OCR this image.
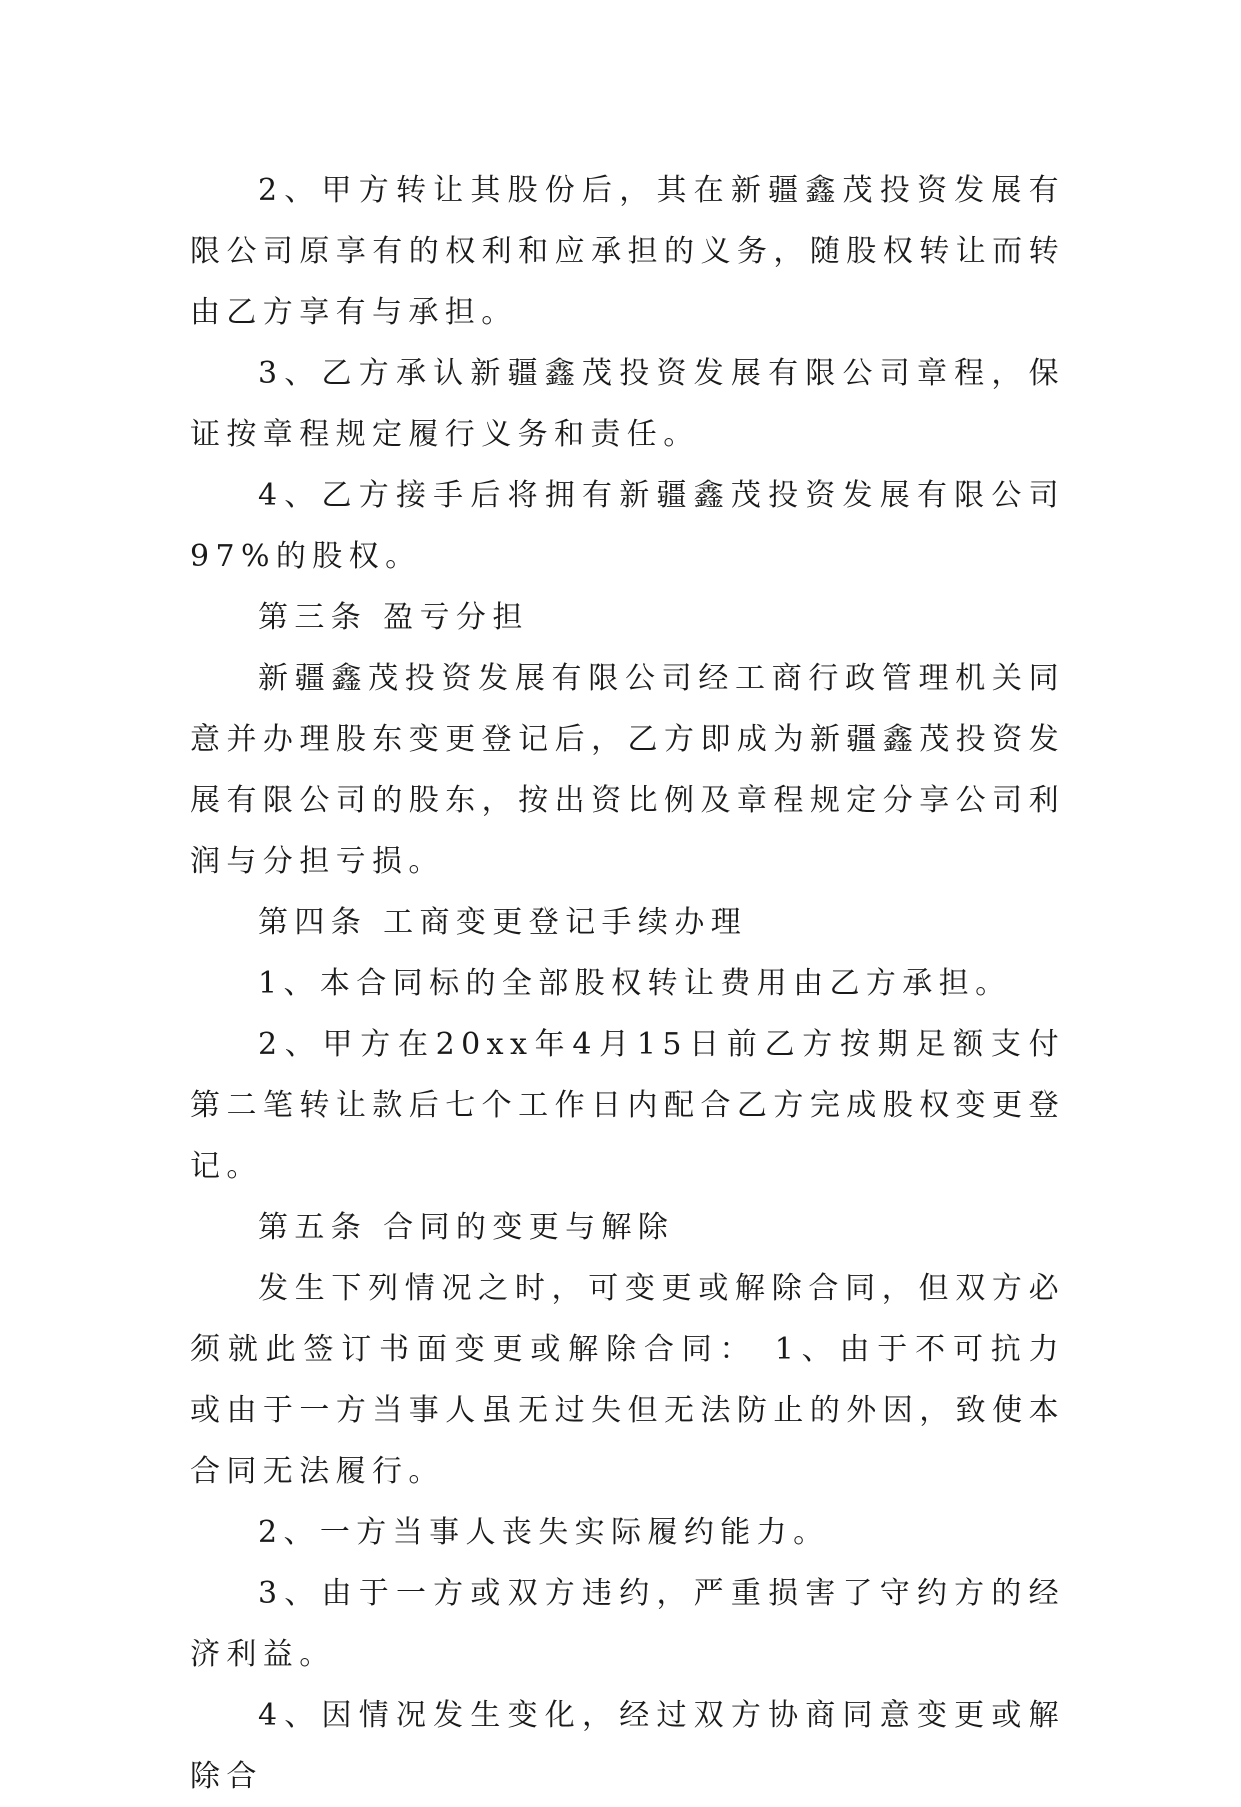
2、甲方转让其股份后，其在新疆鑫茂投资发展有限公司原享有的权利和应承担的义务，随股权转让而转由乙方享有与承担。

3、乙方承认新疆鑫茂投资发展有限公司章程，保证按章程规定履行义务和责任。

4、乙方接手后将拥有新疆鑫茂投资发展有限公司97%的股权。

第三条 盈亏分担

新疆鑫茂投资发展有限公司经工商行政管理机关同意并办理股东变更登记后，乙方即成为新疆鑫茂投资发展有限公司的股东，按出资比例及章程规定分享公司利润与分担亏损。

第四条 工商变更登记手续办理

1、本合同标的全部股权转让费用由乙方承担。

2、甲方在20xx年4月15日前乙方按期足额支付第二笔转让款后七个工作日内配合乙方完成股权变更登记。

第五条 合同的变更与解除

发生下列情况之时，可变更或解除合同，但双方必须就此签订书面变更或解除合同： 1、由于不可抗力或由于一方当事人虽无过失但无法防止的外因，致使本合同无法履行。

2、一方当事人丧失实际履约能力。

3、由于一方或双方违约，严重损害了守约方的经济利益。

4、因情况发生变化，经过双方协商同意变更或解除合
